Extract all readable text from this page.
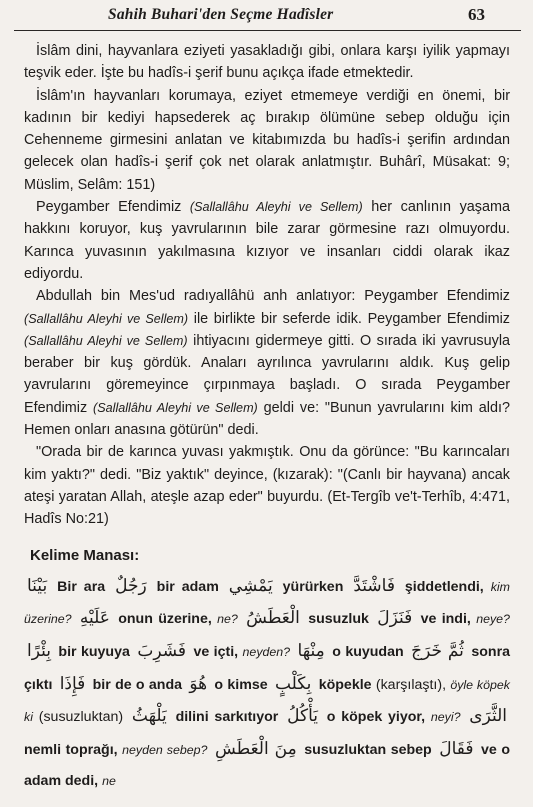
Sahih Buhari'den Seçme Hadîsler	63

İslâm dini, hayvanlara eziyeti yasakladığı gibi, onlara karşı iyilik yapmayı teşvik eder. İşte bu hadîs-i şerif bunu açıkça ifade etmektedir.

İslâm'ın hayvanları korumaya, eziyet etmemeye verdiği en önemi, bir kadının bir kediyi hapsederek aç bırakıp ölümüne sebep olduğu için Cehenneme girmesini anlatan ve kitabımızda bu hadîs-i şerifin ardından gelecek olan hadîs-i şerif çok net olarak anlatmıştır. Buhârî, Müsakat: 9; Müslim, Selâm: 151)

Peygamber Efendimiz (Sallallâhu Aleyhi ve Sellem) her canlının yaşama hakkını koruyor, kuş yavrularının bile zarar görmesine razı olmuyordu. Karınca yuvasının yakılmasına kızıyor ve insanları ciddi olarak ikaz ediyordu.

Abdullah bin Mes'ud radıyallâhü anh anlatıyor: Peygamber Efendimiz (Sallallâhu Aleyhi ve Sellem) ile birlikte bir seferde idik. Peygamber Efendimiz (Sallallâhu Aleyhi ve Sellem) ihtiyacını gidermeye gitti. O sırada iki yavrusuyla beraber bir kuş gördük. Anaları ayrılınca yavrularını aldık. Kuş gelip yavrularını göremeyince çırpınmaya başladı. O sırada Peygamber Efendimiz (Sallallâhu Aleyhi ve Sellem) geldi ve: "Bunun yavrularını kim aldı? Hemen onları anasına götürün" dedi.

"Orada bir de karınca yuvası yakmıştık. Onu da görünce: "Bu karıncaları kim yaktı?" dedi. "Biz yaktık" deyince, (kızarak): "(Canlı bir hayvana) ancak ateşi yaratan Allah, ateşle azap eder" buyurdu. (Et-Tergîb ve't-Terhîb, 4:471, Hadîs No:21)

Kelime Manası:
بَيْنَا Bir ara رَجُلٌ bir adam يَمْشِي yürürken فَاشْتَدَّ şiddetlendi, kim üzerine? عَلَيْهِ onun üzerine, ne? الْعَطَشُ susuzluk فَنَزَلَ ve indi, neye? بِئْرًا bir kuyuya فَشَرِبَ ve içti, neyden? مِنْهَا o kuyudan ثُمَّ خَرَجَ sonra çıktı فَإِذَا bir de o anda هُوَ o kimse بِكَلْبٍ köpekle (karşılaştı), öyle köpek ki (susuzluktan) يَلْهَثُ dilini sarkıtıyor يَأْكُلُ o köpek yiyor, neyi? الثَّرَى nemli toprağı, neyden sebep? مِنَ الْعَطَشِ susuzluktan sebep فَقَالَ ve o adam dedi, ne
